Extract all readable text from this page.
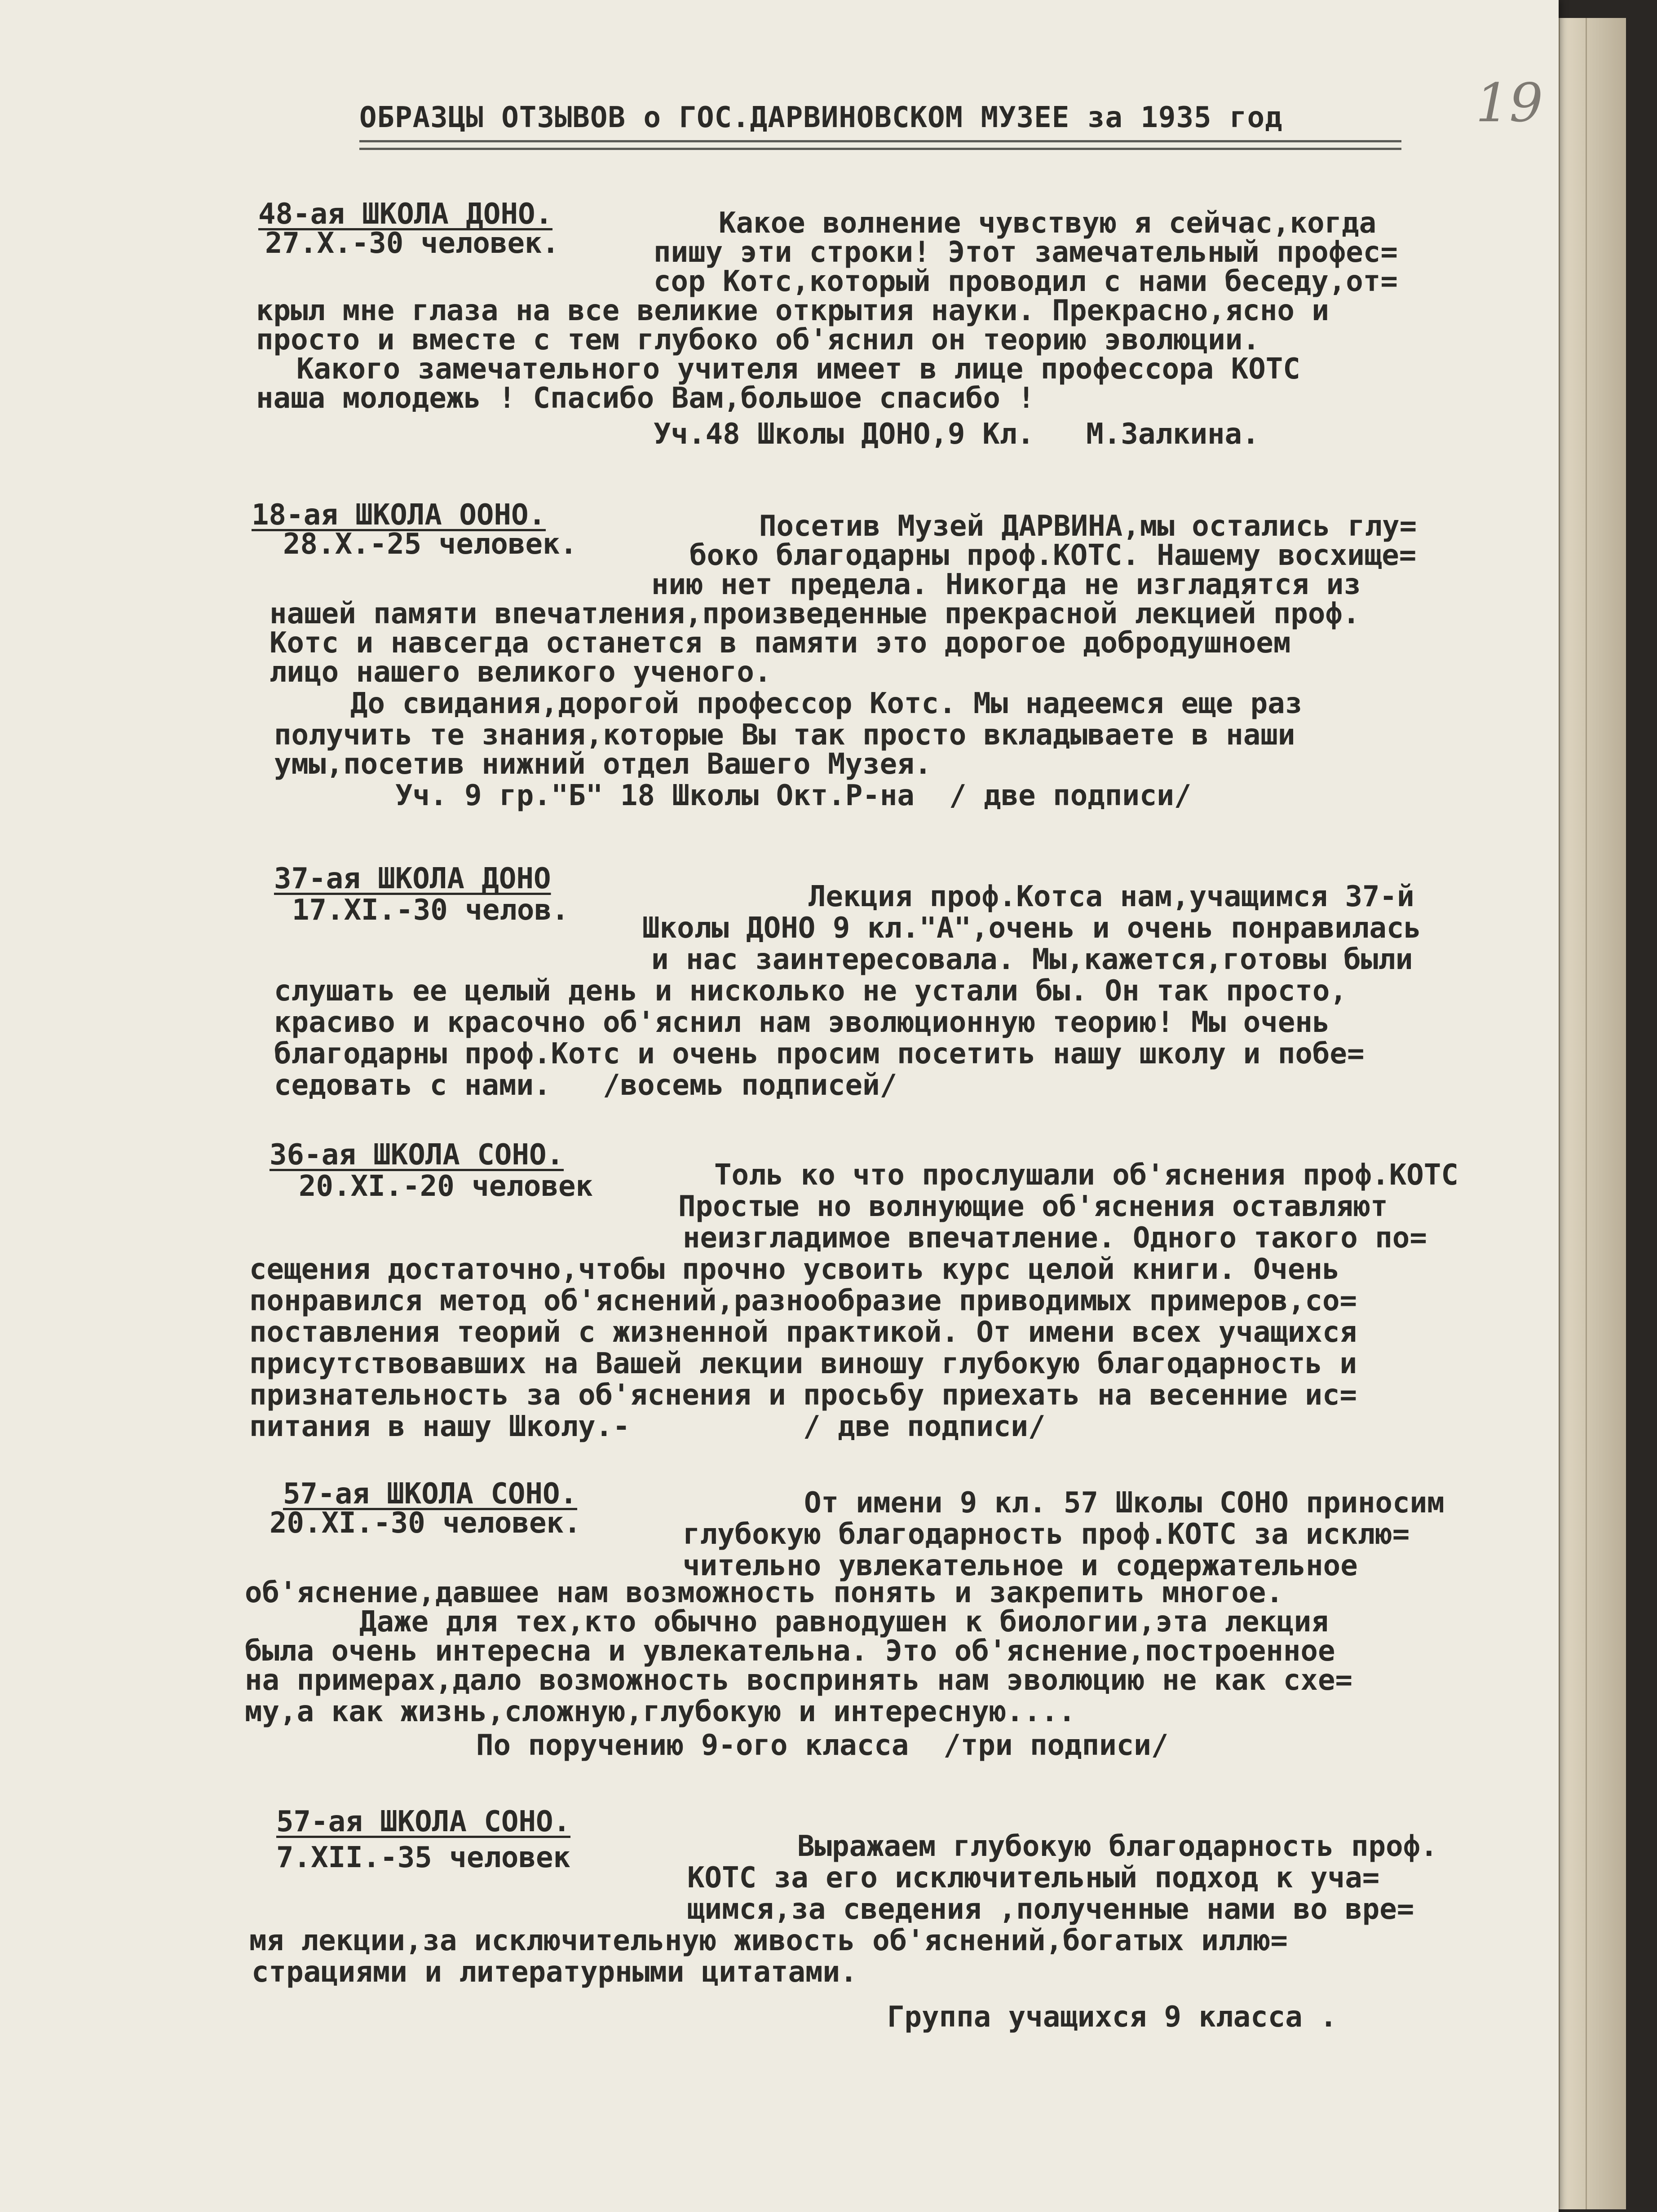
19

ОБРАЗЦЫ ОТЗЫВОВ о ГОС.ДАРВИНОВСКОМ МУЗЕЕ за 1935 год

48-ая ШКОЛА ДОНО.

27.X.-30 человек.

Какое волнение чувствую я сейчас,когда

пишу эти строки! Этот замечательный профес=

сор Котс,который проводил с нами беседу,от=

крыл мне глаза на все великие открытия науки. Прекрасно,ясно и

просто и вместе с тем глубоко об'яснил он теорию эволюции.

Какого замечательного учителя имеет в лице профессора КОТС

наша молодежь ! Спасибо Вам,большое спасибо !

Уч.48 Школы ДОНО,9 Кл.   М.Залкина.

18-ая ШКОЛА ООНО.

28.X.-25 человек.

Посетив Музей ДАРВИНА,мы остались глу=

боко благодарны проф.КОТС. Нашему восхище=

нию нет предела. Никогда не изгладятся из

нашей памяти впечатления,произведенные прекрасной лекцией проф.

Котс и навсегда останется в памяти это дорогое добродушноем

лицо нашего великого ученого.

До свидания,дорогой профессор Котс. Мы надеемся еще раз

получить те знания,которые Вы так просто вкладываете в наши

умы,посетив нижний отдел Вашего Музея.

Уч. 9 гр."Б" 18 Школы Окт.Р-на  / две подписи/

37-ая ШКОЛА ДОНО

17.XI.-30 челов.	Лекция проф.Котса нам,учащимся 37-й

Школы ДОНО 9 кл."А",очень и очень понравилась

и нас заинтересовала. Мы,кажется,готовы были

слушать ее целый день и нисколько не устали бы. Он так просто,

красиво и красочно об'яснил нам эволюционную теорию! Мы очень

благодарны проф.Котс и очень просим посетить нашу школу и побе=

седовать с нами.   /восемь подписей/

36-ая ШКОЛА СОНО.

20.XI.-20 человек	Толь ко что прослушали об'яснения проф.КОТС

Простые но волнующие об'яснения оставляют

неизгладимое впечатление. Одного такого по=

сещения достаточно,чтобы прочно усвоить курс целой книги. Очень

понравился метод об'яснений,разнообразие приводимых примеров,со=

поставления теорий с жизненной практикой. От имени всех учащихся

присутствовавших на Вашей лекции виношу глубокую благодарность и

признательность за об'яснения и просьбу приехать на весенние ис=

питания в нашу Школу.-          / две подписи/

57-ая ШКОЛА СОНО.

20.XI.-30 человек.

От имени 9 кл. 57 Школы СОНО приносим

глубокую благодарность проф.КОТС за исклю=

чительно увлекательное и содержательное

об'яснение,давшее нам возможность понять и закрепить многое.

Даже для тех,кто обычно равнодушен к биологии,эта лекция

была очень интересна и увлекательна. Это об'яснение,построенное

на примерах,дало возможность воспринять нам эволюцию не как схе=

му,а как жизнь,сложную,глубокую и интересную....

По поручению 9-ого класса  /три подписи/

57-ая ШКОЛА СОНО.

7.XII.-35 человек	Выражаем глубокую благодарность проф.

КОТС за его исключительный подход к уча=

щимся,за сведения ,полученные нами во вре=

мя лекции,за исключительную живость об'яснений,богатых иллю=

страциями и литературными цитатами.

Группа учащихся 9 класса .
